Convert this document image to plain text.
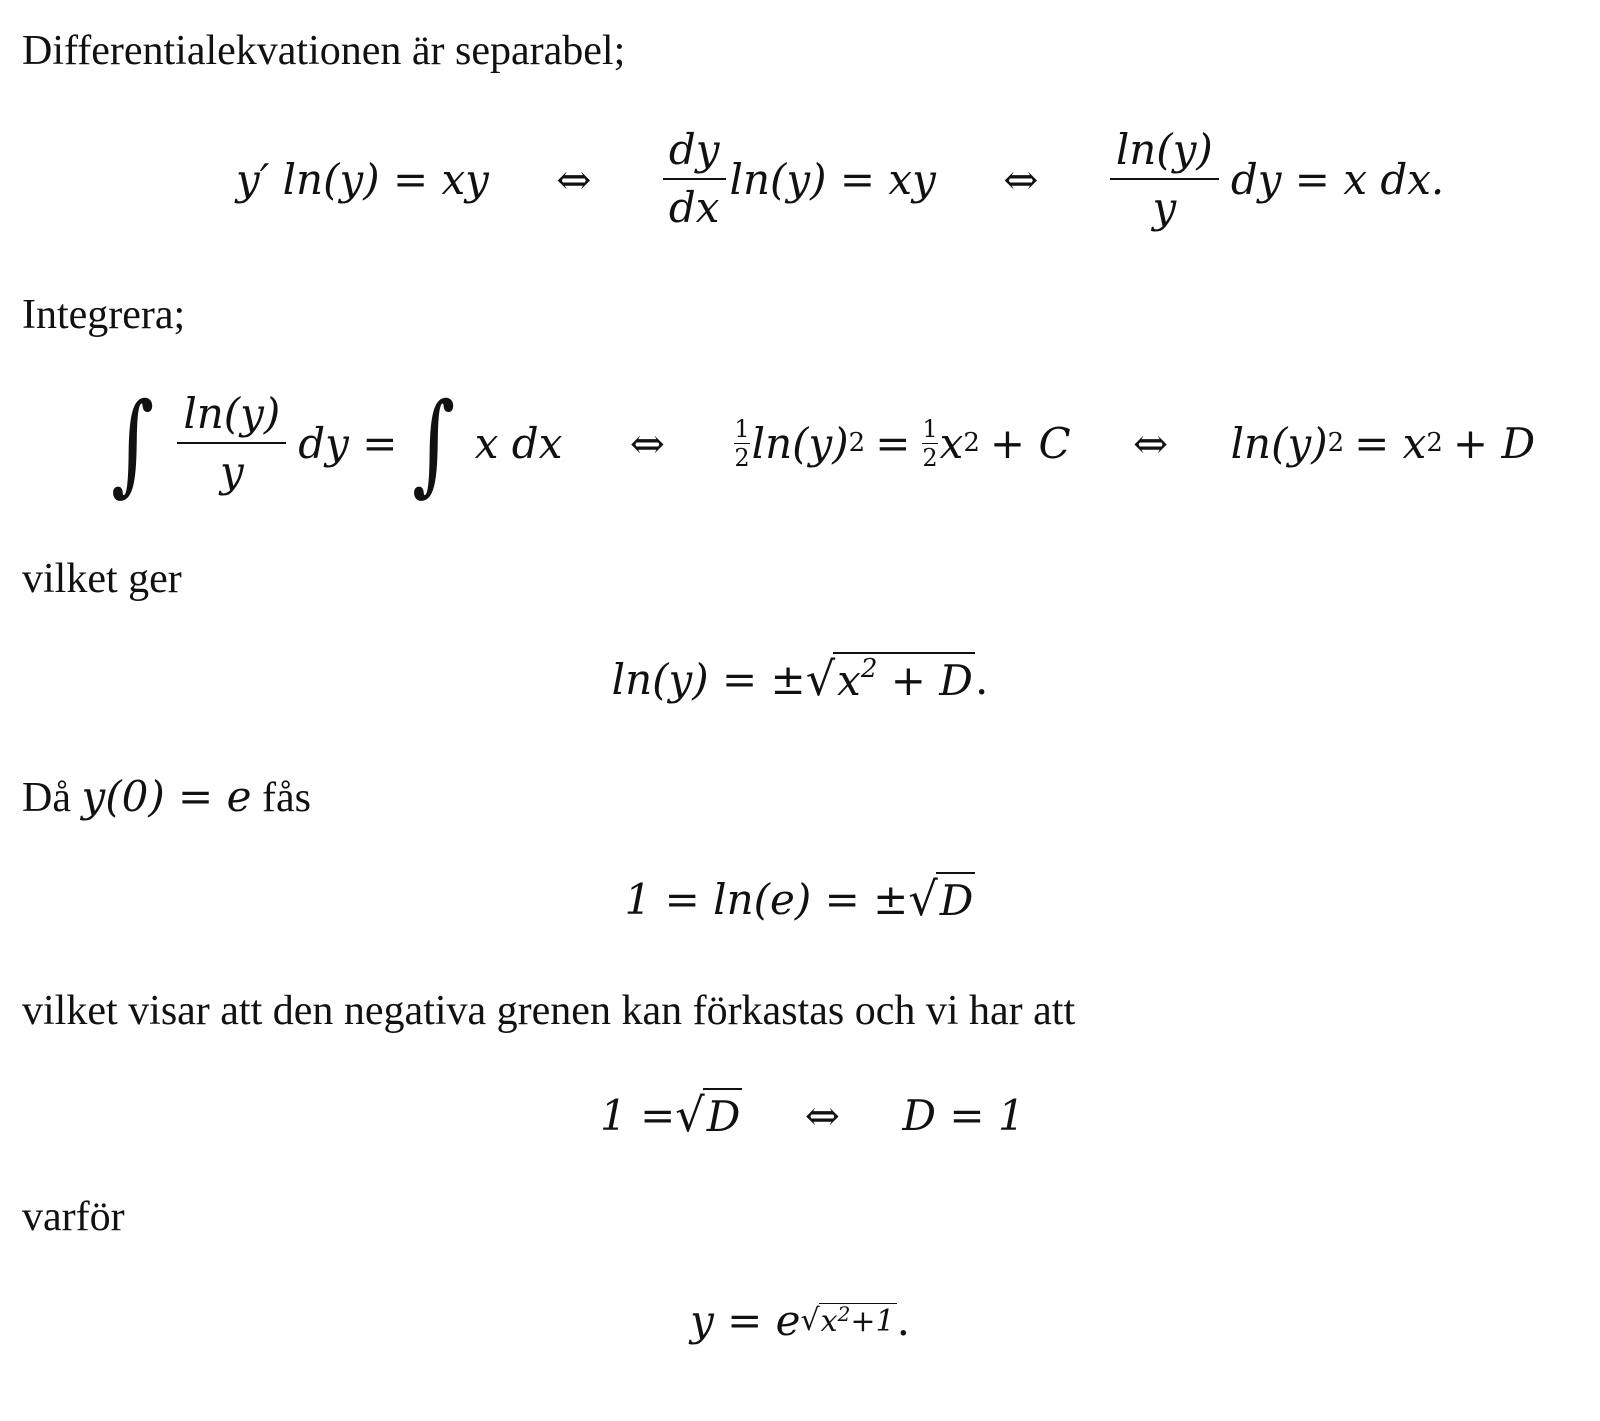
Differentialekvationen är separabel;
y′ ln(y) = xy	⇔	$\frac{dy}{dx} \ln(y)$ = xy	⇔	$\frac{\ln(y)}{y}$ dy = x dx.
Integrera;
∫ $\frac{\ln(y)}{y}$ dy = ∫ x dx	⇔	1
2 ln(y) 2 = 1
2 x 2 + C	⇔	ln(y) 2 = x 2 + D
vilket ger
ln(y) = ± √ $x^2 + D$ .
Då y(0) = e fås
1 = ln(e) = ± √ D
vilket visar att den negativa grenen kan förkastas och vi har att
1 = √ D	⇔	D = 1
varför
y = e √ $x^2+1$ .
